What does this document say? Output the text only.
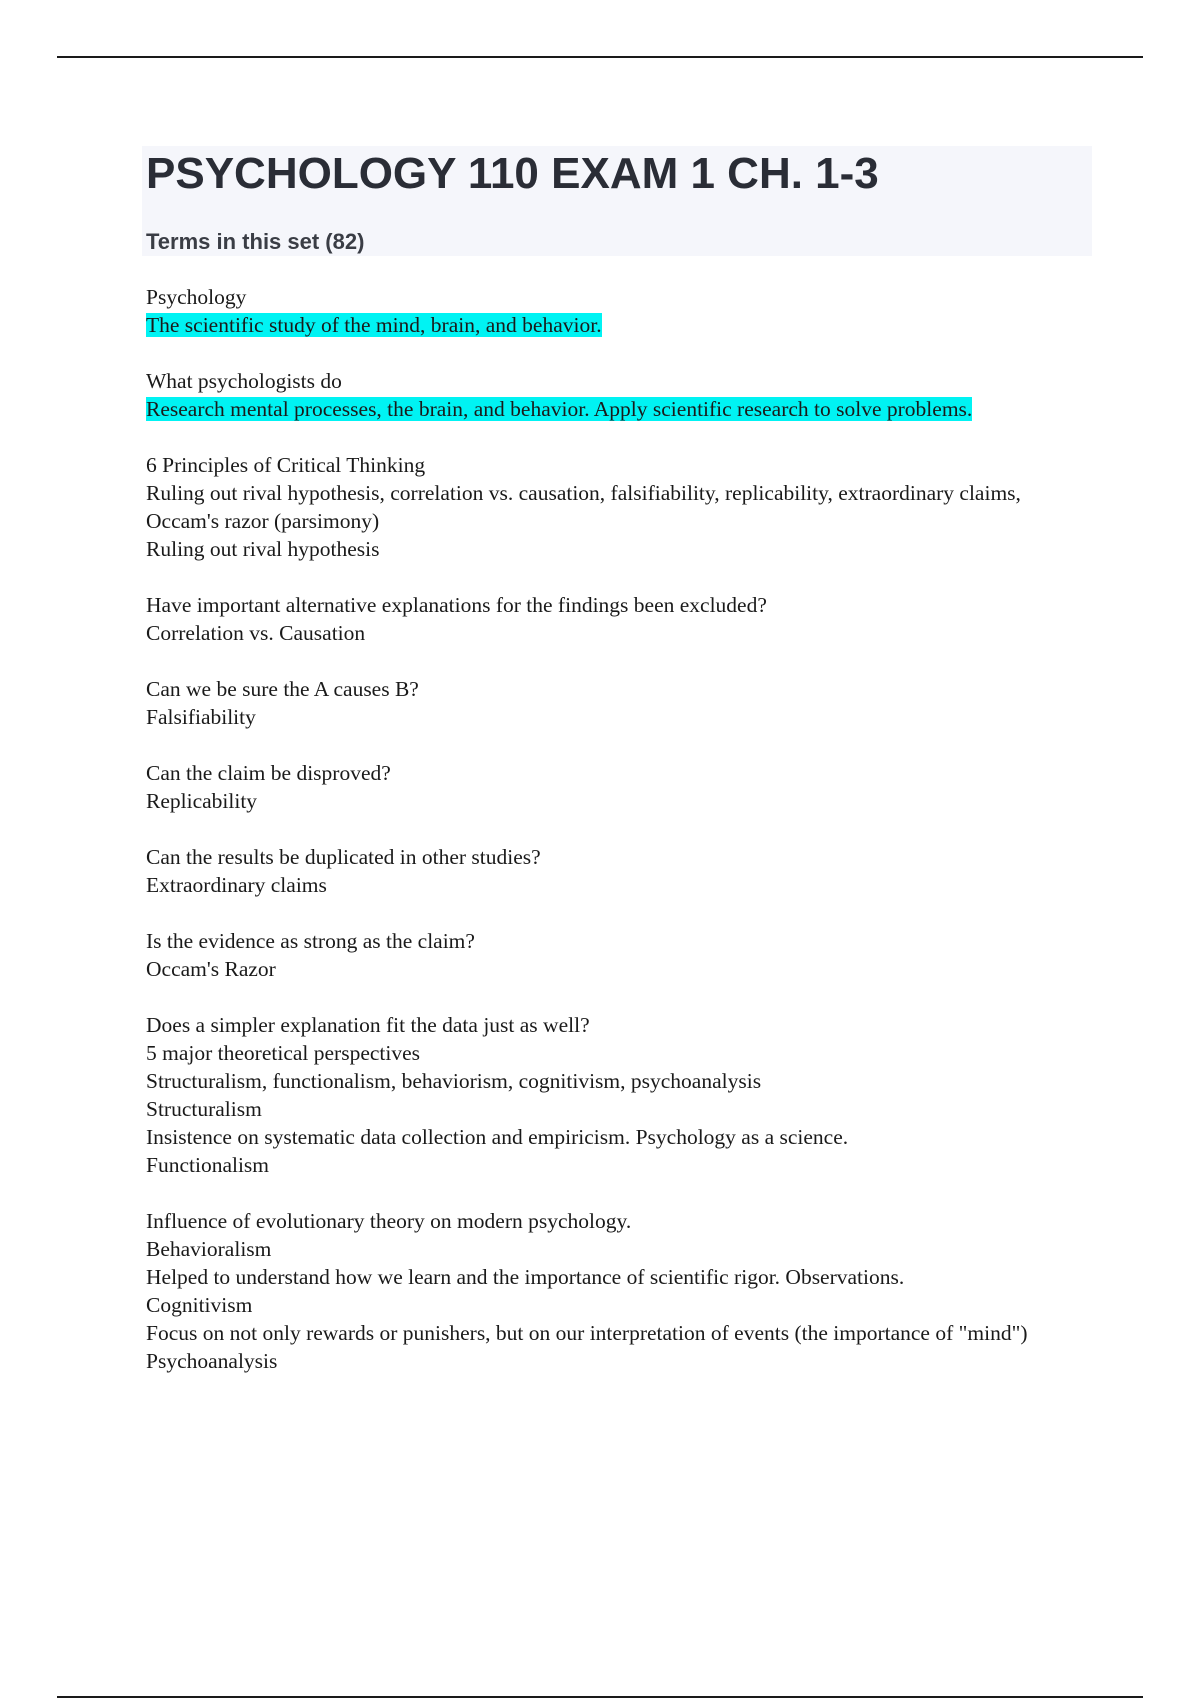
PSYCHOLOGY 110 EXAM 1 CH. 1-3

Terms in this set (82)

Psychology
The scientific study of the mind, brain, and behavior.
What psychologists do
Research mental processes, the brain, and behavior. Apply scientific research to solve problems.
6 Principles of Critical Thinking
Ruling out rival hypothesis, correlation vs. causation, falsifiability, replicability, extraordinary claims, Occam's razor (parsimony)
Ruling out rival hypothesis
Have important alternative explanations for the findings been excluded?
Correlation vs. Causation
Can we be sure the A causes B?
Falsifiability
Can the claim be disproved?
Replicability
Can the results be duplicated in other studies?
Extraordinary claims
Is the evidence as strong as the claim?
Occam's Razor
Does a simpler explanation fit the data just as well?
5 major theoretical perspectives
Structuralism, functionalism, behaviorism, cognitivism, psychoanalysis
Structuralism
Insistence on systematic data collection and empiricism. Psychology as a science.
Functionalism
Influence of evolutionary theory on modern psychology.
Behavioralism
Helped to understand how we learn and the importance of scientific rigor. Observations.
Cognitivism
Focus on not only rewards or punishers, but on our interpretation of events (the importance of "mind")
Psychoanalysis
